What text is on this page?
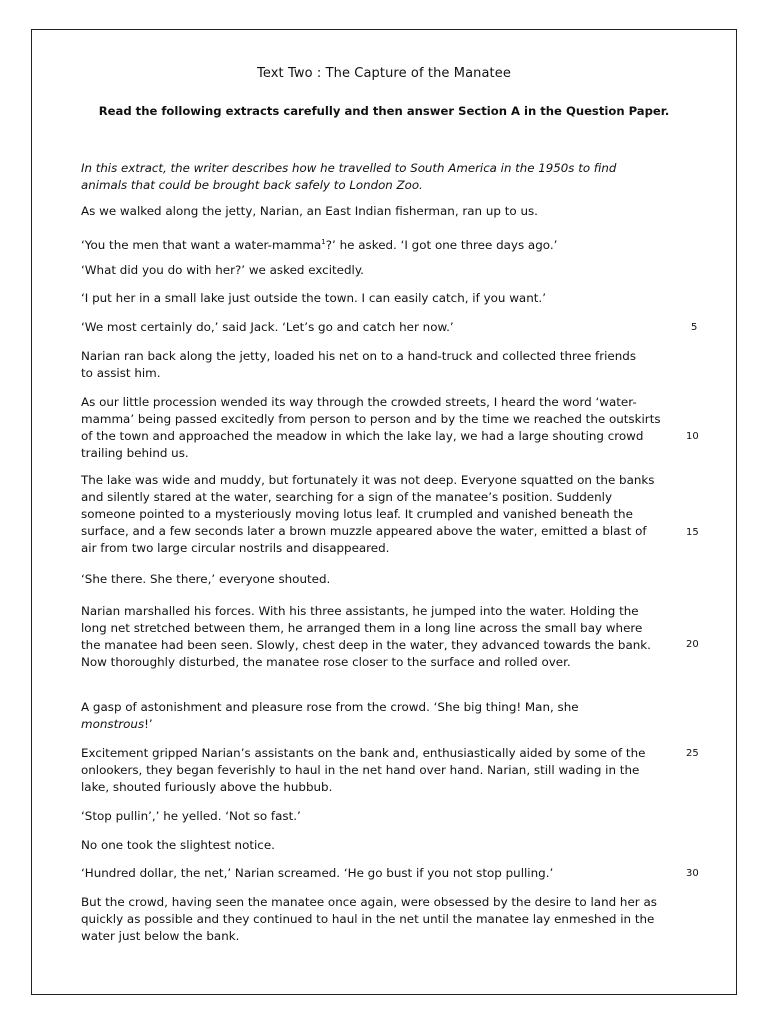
Text Two : The Capture of the Manatee
Read the following extracts carefully and then answer Section A in the Question Paper.
In this extract, the writer describes how he travelled to South America in the 1950s to find animals that could be brought back safely to London Zoo.
As we walked along the jetty, Narian, an East Indian fisherman, ran up to us.
‘You the men that want a water-mamma$^1$?’ he asked. ‘I got one three days ago.’
‘What did you do with her?’ we asked excitedly.
‘I put her in a small lake just outside the town. I can easily catch, if you want.’
‘We most certainly do,’ said Jack. ‘Let’s go and catch her now.’
Narian ran back along the jetty, loaded his net on to a hand-truck and collected three friends to assist him.
As our little procession wended its way through the crowded streets, I heard the word ‘water-mamma’ being passed excitedly from person to person and by the time we reached the outskirts of the town and approached the meadow in which the lake lay, we had a large shouting crowd trailing behind us.
The lake was wide and muddy, but fortunately it was not deep. Everyone squatted on the banks and silently stared at the water, searching for a sign of the manatee’s position. Suddenly someone pointed to a mysteriously moving lotus leaf. It crumpled and vanished beneath the surface, and a few seconds later a brown muzzle appeared above the water, emitted a blast of air from two large circular nostrils and disappeared.
‘She there. She there,’ everyone shouted.
Narian marshalled his forces. With his three assistants, he jumped into the water. Holding the long net stretched between them, he arranged them in a long line across the small bay where the manatee had been seen. Slowly, chest deep in the water, they advanced towards the bank. Now thoroughly disturbed, the manatee rose closer to the surface and rolled over.
A gasp of astonishment and pleasure rose from the crowd. ‘She big thing! Man, she monstrous!’
Excitement gripped Narian’s assistants on the bank and, enthusiastically aided by some of the onlookers, they began feverishly to haul in the net hand over hand. Narian, still wading in the lake, shouted furiously above the hubbub.
‘Stop pullin’,’ he yelled. ‘Not so fast.’
No one took the slightest notice.
‘Hundred dollar, the net,’ Narian screamed. ‘He go bust if you not stop pulling.’
But the crowd, having seen the manatee once again, were obsessed by the desire to land her as quickly as possible and they continued to haul in the net until the manatee lay enmeshed in the water just below the bank.
5
10
15
20
25
30
